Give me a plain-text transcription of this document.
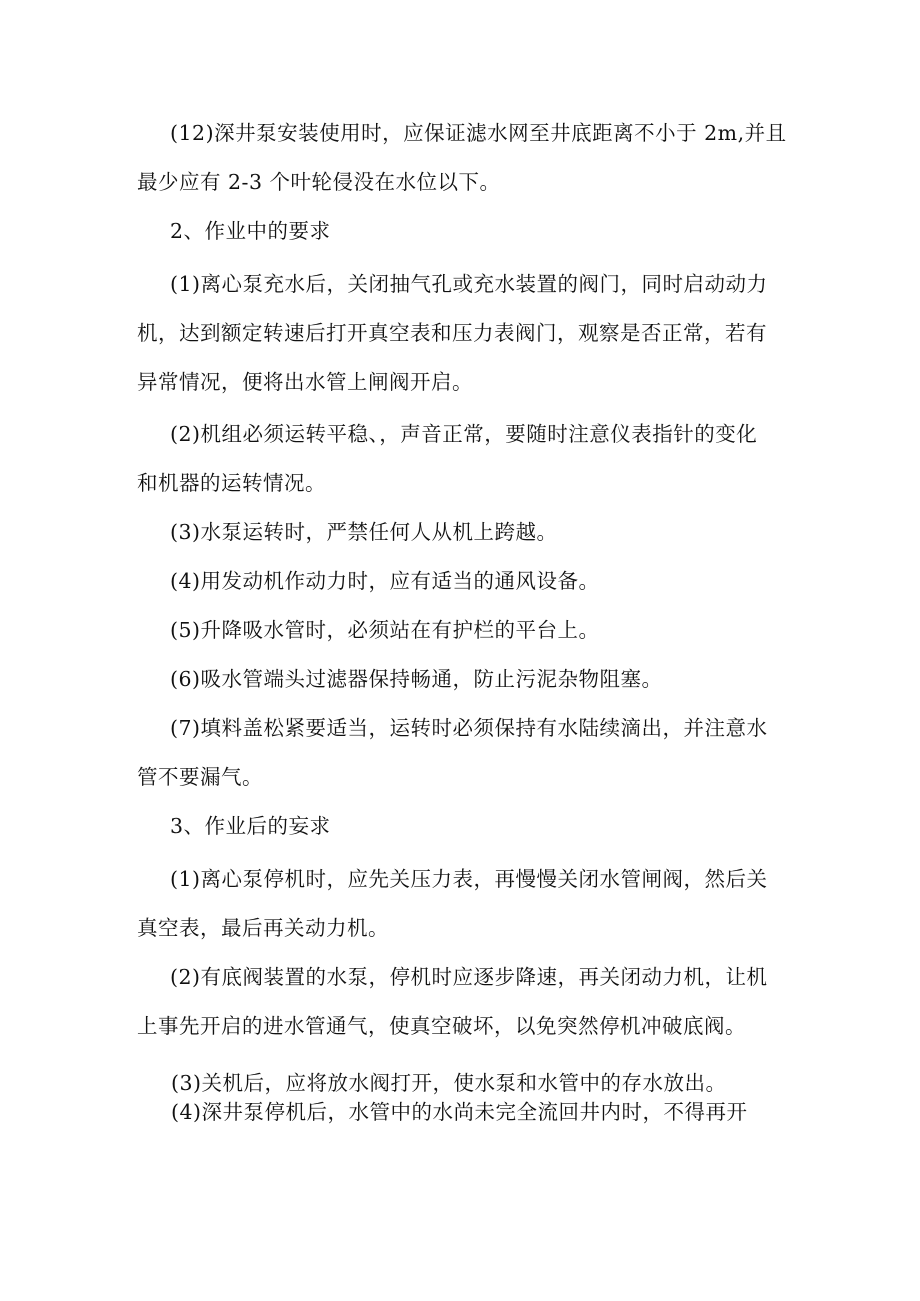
(12)深井泵安装使用时，应保证滤水网至井底距离不小于 2m,并且

最少应有 2-3 个叶轮侵没在水位以下。

2、作业中的要求

(1)离心泵充水后，关闭抽气孔或充水装置的阀门，同时启动动力

机，达到额定转速后打开真空表和压力表阀门，观察是否正常，若有

异常情况，便将出水管上闸阀开启。

(2)机组必须运转平稳、，声音正常，要随时注意仪表指针的变化

和机器的运转情况。

(3)水泵运转时，严禁任何人从机上跨越。

(4)用发动机作动力时，应有适当的通风设备。

(5)升降吸水管时，必须站在有护栏的平台上。

(6)吸水管端头过滤器保持畅通，防止污泥杂物阻塞。

(7)填料盖松紧要适当，运转时必须保持有水陆续滴出，并注意水

管不要漏气。

3、作业后的妄求

(1)离心泵停机时，应先关压力表，再慢慢关闭水管闸阀，然后关

真空表，最后再关动力机。

(2)有底阀装置的水泵，停机时应逐步降速，再关闭动力机，让机

上事先开启的进水管通气，使真空破坏，以免突然停机冲破底阀。

(3)关机后，应将放水阀打开，使水泵和水管中的存水放出。

(4)深井泵停机后，水管中的水尚未完全流回井内时，不得再开
